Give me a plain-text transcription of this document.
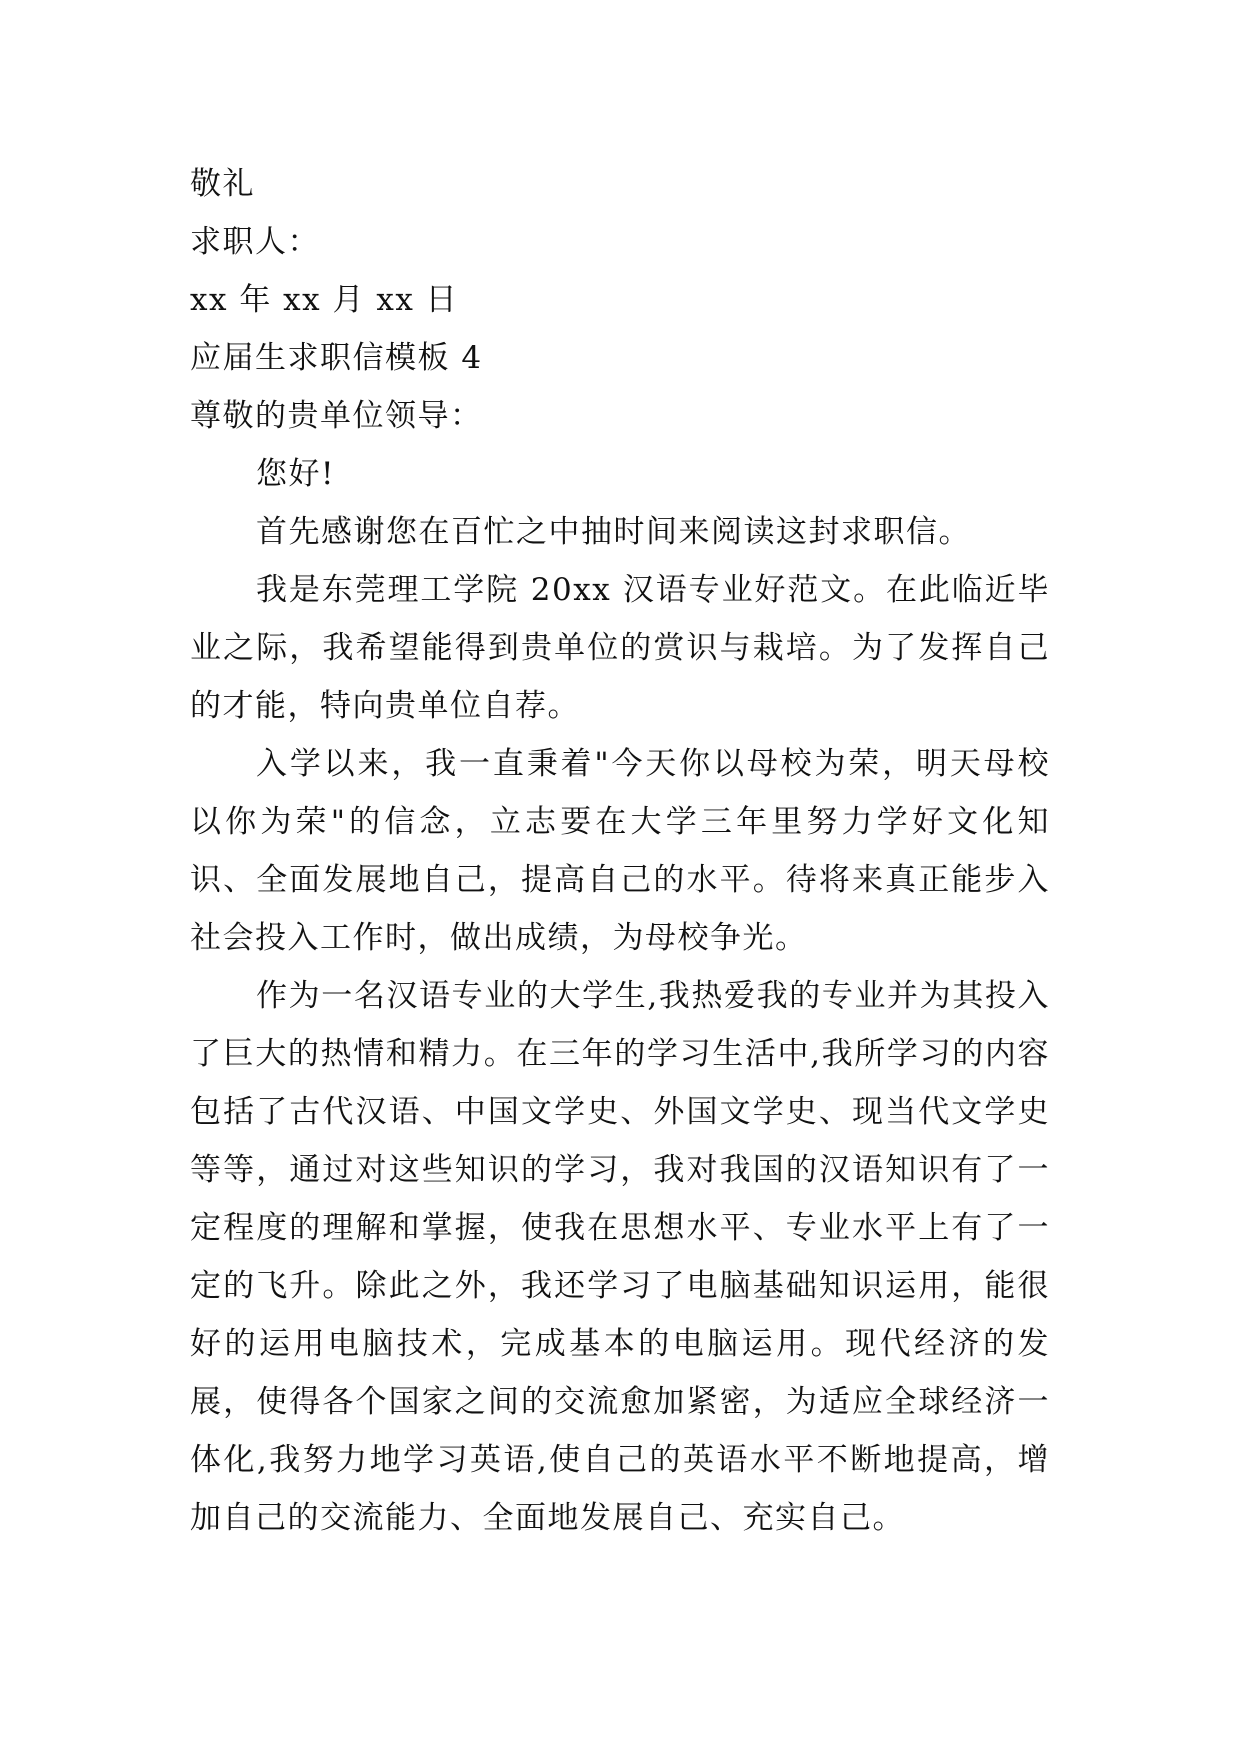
敬礼

求职人：

xx 年 xx 月 xx 日

应届生求职信模板 4

尊敬的贵单位领导：

您好!

首先感谢您在百忙之中抽时间来阅读这封求职信。

我是东莞理工学院 20xx 汉语专业好范文。在此临近毕业之际，我希望能得到贵单位的赏识与栽培。为了发挥自己的才能，特向贵单位自荐。

入学以来，我一直秉着"今天你以母校为荣，明天母校以你为荣"的信念，立志要在大学三年里努力学好文化知识、全面发展地自己，提高自己的水平。待将来真正能步入社会投入工作时，做出成绩，为母校争光。

作为一名汉语专业的大学生,我热爱我的专业并为其投入了巨大的热情和精力。在三年的学习生活中,我所学习的内容包括了古代汉语、中国文学史、外国文学史、现当代文学史等等，通过对这些知识的学习，我对我国的汉语知识有了一定程度的理解和掌握，使我在思想水平、专业水平上有了一定的飞升。除此之外，我还学习了电脑基础知识运用，能很好的运用电脑技术，完成基本的电脑运用。现代经济的发展，使得各个国家之间的交流愈加紧密，为适应全球经济一体化,我努力地学习英语,使自己的英语水平不断地提高，增加自己的交流能力、全面地发展自己、充实自己。
